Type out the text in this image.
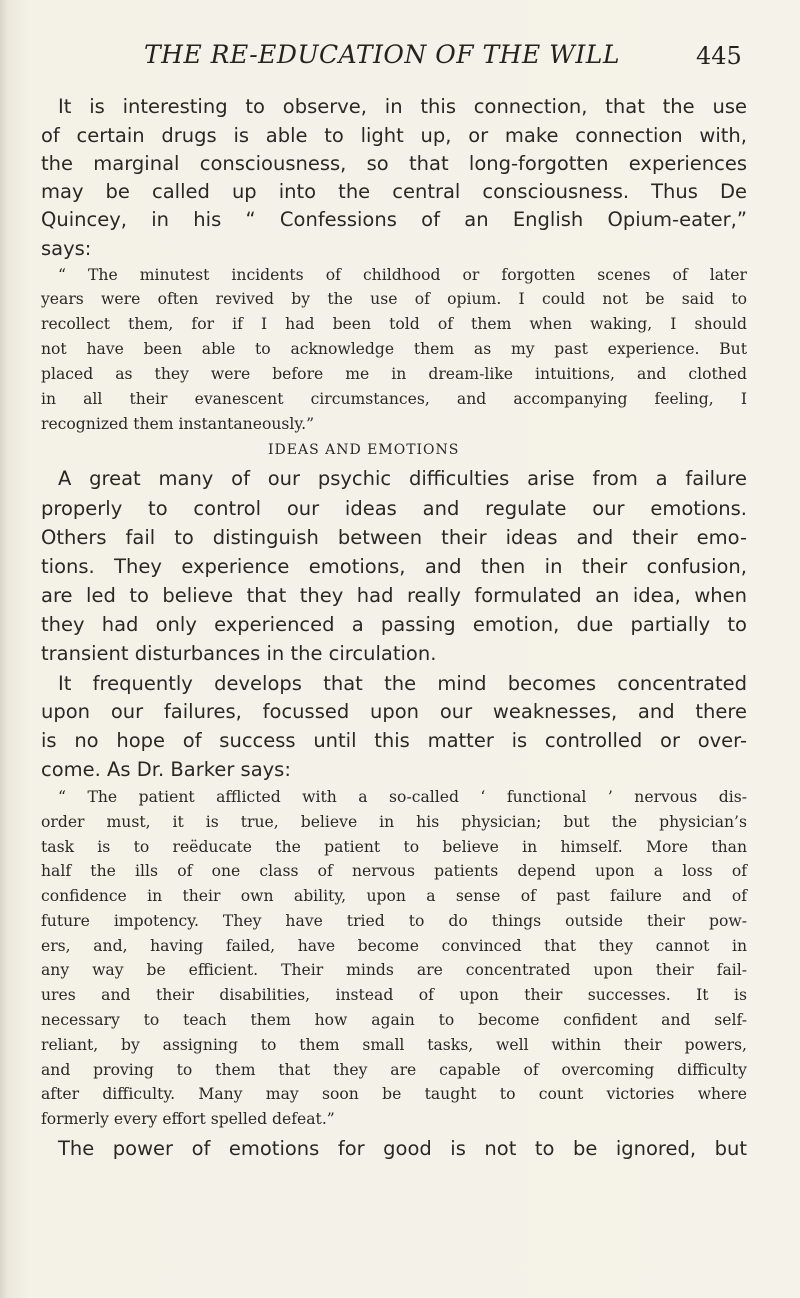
THE RE-EDUCATION OF THE WILL	445
It is interesting to observe, in this connection, that the use
of certain drugs is able to light up, or make connection with,
the marginal consciousness, so that long-forgotten experiences
may be called up into the central consciousness. Thus De
Quincey, in his “ Confessions of an English Opium-eater,”
says:
“ The minutest incidents of childhood or forgotten scenes of later
years were often revived by the use of opium. I could not be said to
recollect them, for if I had been told of them when waking, I should
not have been able to acknowledge them as my past experience. But
placed as they were before me in dream-like intuitions, and clothed
in all their evanescent circumstances, and accompanying feeling, I
recognized them instantaneously.”
IDEAS AND EMOTIONS
A great many of our psychic difficulties arise from a failure
properly to control our ideas and regulate our emotions.
Others fail to distinguish between their ideas and their emo-
tions. They experience emotions, and then in their confusion,
are led to believe that they had really formulated an idea, when
they had only experienced a passing emotion, due partially to
transient disturbances in the circulation.
It frequently develops that the mind becomes concentrated
upon our failures, focussed upon our weaknesses, and there
is no hope of success until this matter is controlled or over-
come. As Dr. Barker says:
“ The patient afflicted with a so-called ‘ functional ’ nervous dis-
order must, it is true, believe in his physician; but the physician’s
task is to reëducate the patient to believe in himself. More than
half the ills of one class of nervous patients depend upon a loss of
confidence in their own ability, upon a sense of past failure and of
future impotency. They have tried to do things outside their pow-
ers, and, having failed, have become convinced that they cannot in
any way be efficient. Their minds are concentrated upon their fail-
ures and their disabilities, instead of upon their successes. It is
necessary to teach them how again to become confident and self-
reliant, by assigning to them small tasks, well within their powers,
and proving to them that they are capable of overcoming difficulty
after difficulty. Many may soon be taught to count victories where
formerly every effort spelled defeat.”
The power of emotions for good is not to be ignored, but
